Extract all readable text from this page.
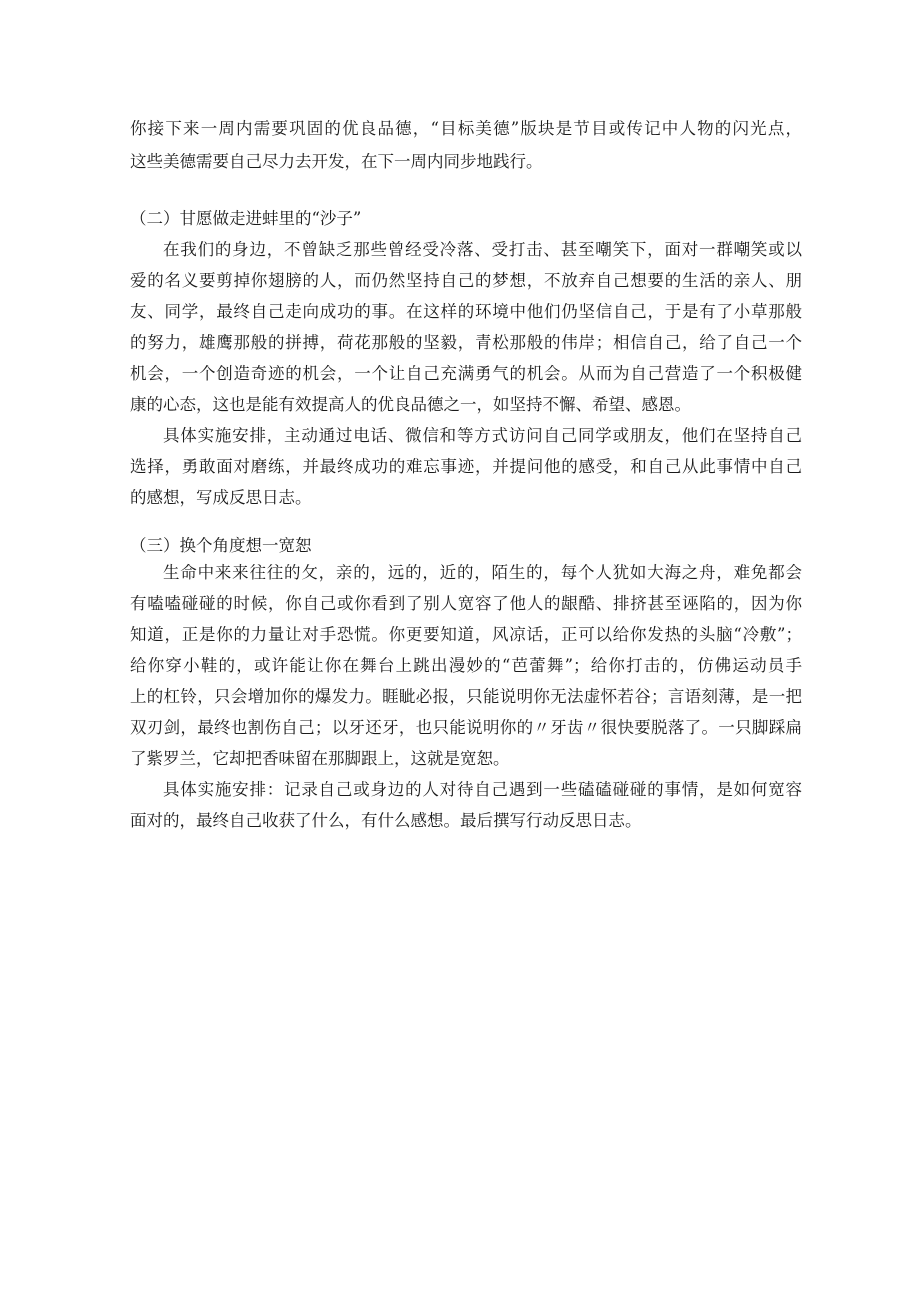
你接下来一周内需要巩固的优良品德，“目标美德”版块是节目或传记中人物的闪光点，
这些美德需要自己尽力去开发，在下一周内同步地践行。
（二）甘愿做走进蚌里的“沙子”
在我们的身边，不曾缺乏那些曾经受冷落、受打击、甚至嘲笑下，面对一群嘲笑或以
爱的名义要剪掉你翅膀的人，而仍然坚持自己的梦想，不放弃自己想要的生活的亲人、朋
友、同学，最终自己走向成功的事。在这样的环境中他们仍坚信自己，于是有了小草那般
的努力，雄鹰那般的拼搏，荷花那般的坚毅，青松那般的伟岸；相信自己，给了自己一个
机会，一个创造奇迹的机会，一个让自己充满勇气的机会。从而为自己营造了一个积极健
康的心态，这也是能有效提高人的优良品德之一，如坚持不懈、希望、感恩。
具体实施安排，主动通过电话、微信和等方式访问自己同学或朋友，他们在坚持自己
选择，勇敢面对磨练，并最终成功的难忘事迹，并提问他的感受，和自己从此事情中自己
的感想，写成反思日志。
（三）换个角度想一宽恕
生命中来来往往的攵，亲的，远的，近的，陌生的，每个人犹如大海之舟，难免都会
有嗑嗑碰碰的时候，你自己或你看到了别人宽容了他人的龈酷、排挤甚至诬陷的，因为你
知道，正是你的力量让对手恐慌。你更要知道，风凉话，正可以给你发热的头脑“冷敷”；
给你穿小鞋的，或许能让你在舞台上跳出漫妙的“芭蕾舞”；给你打击的，仿佛运动员手
上的杠铃，只会增加你的爆发力。睚眦必报，只能说明你无法虚怀若谷；言语刻薄，是一把
双刃剑，最终也割伤自己；以牙还牙，也只能说明你的〃牙齿〃很快要脱落了。一只脚踩扁
了紫罗兰，它却把香味留在那脚跟上，这就是宽恕。
具体实施安排：记录自己或身边的人对待自己遇到一些磕磕碰碰的事情，是如何宽容
面对的，最终自己收获了什么，有什么感想。最后撰写行动反思日志。
